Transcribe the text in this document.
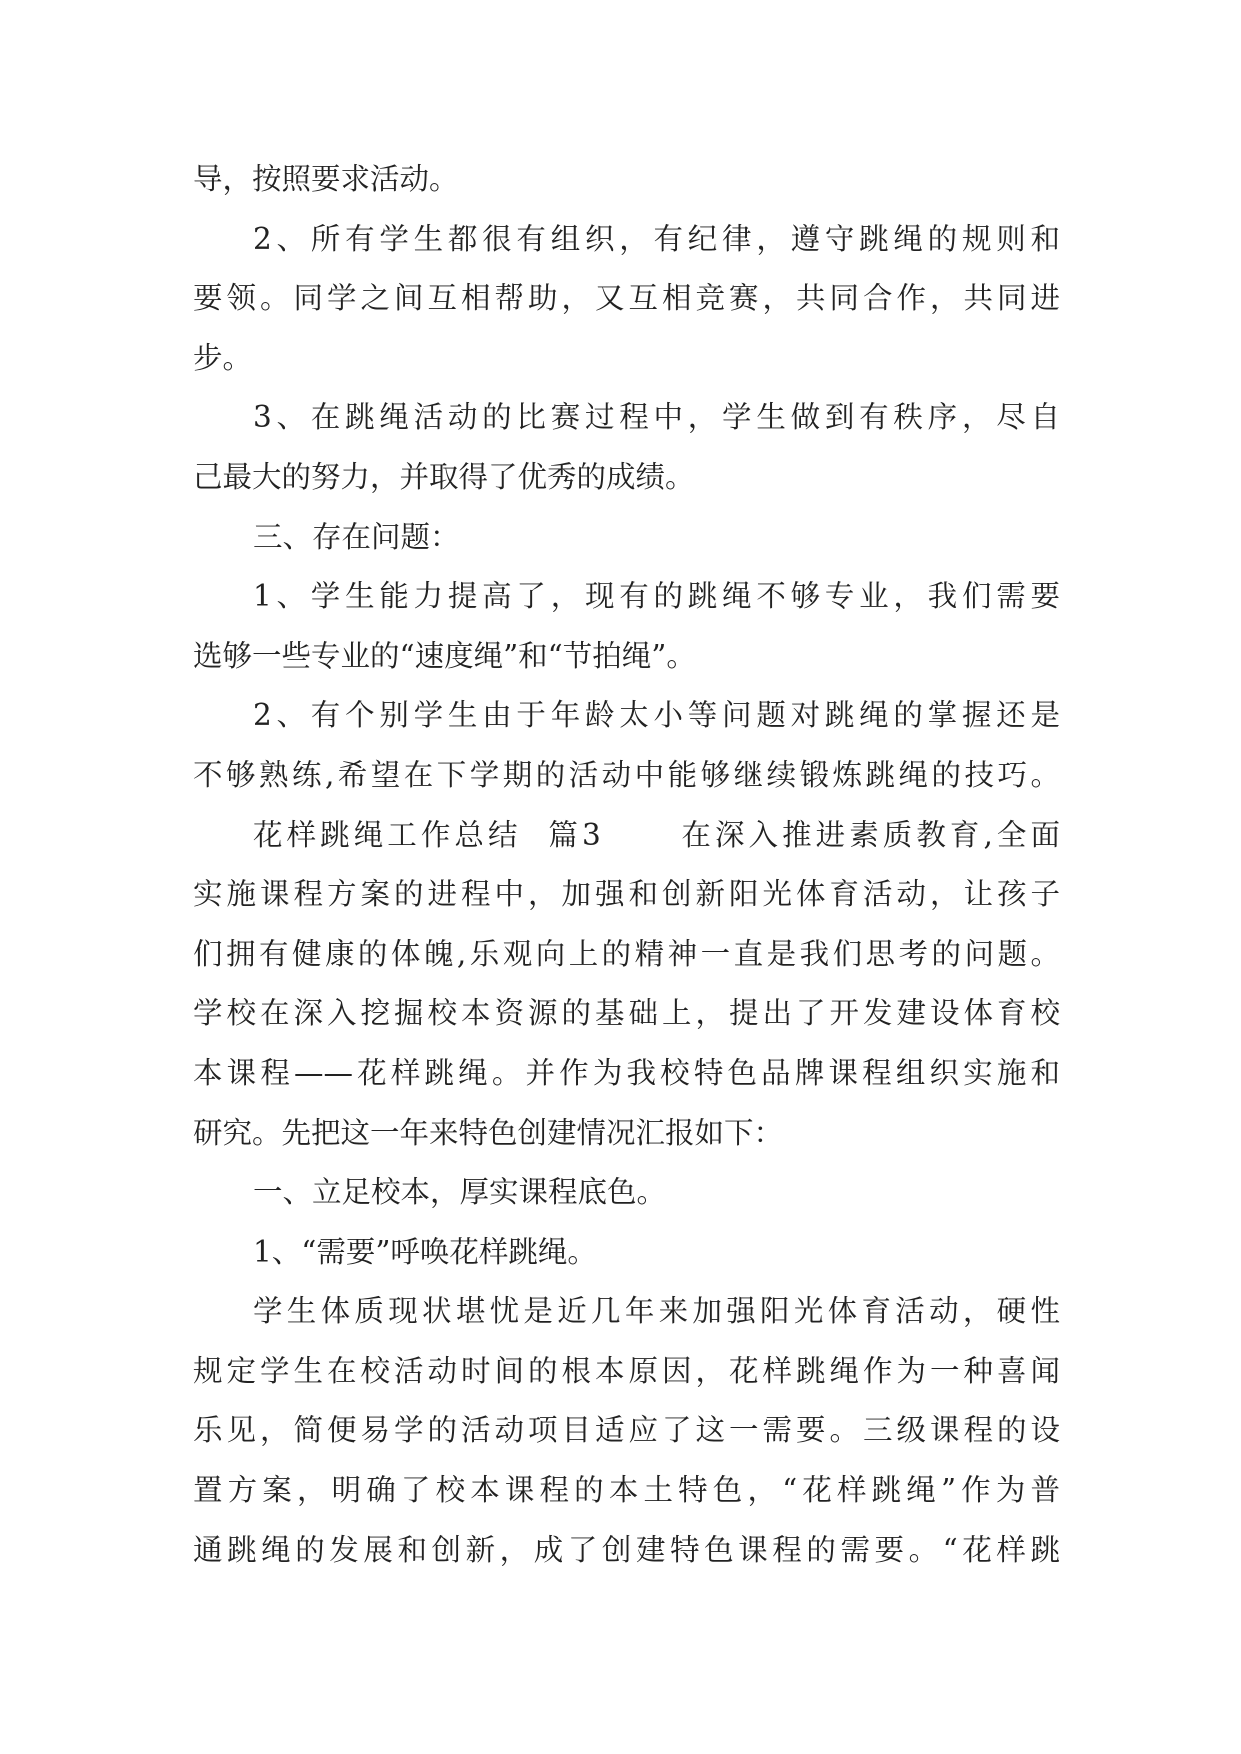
导，按照要求活动。
2、所有学生都很有组织，有纪律，遵守跳绳的规则和
要领。同学之间互相帮助，又互相竞赛，共同合作，共同进
步。
3、在跳绳活动的比赛过程中，学生做到有秩序，尽自
己最大的努力，并取得了优秀的成绩。
三、存在问题：
1、学生能力提高了，现有的跳绳不够专业，我们需要
选够一些专业的“速度绳”和“节拍绳”。
2、有个别学生由于年龄太小等问题对跳绳的掌握还是
不够熟练,希望在下学期的活动中能够继续锻炼跳绳的技巧。
花样跳绳工作总结  篇3      在深入推进素质教育,全面
实施课程方案的进程中，加强和创新阳光体育活动，让孩子
们拥有健康的体魄,乐观向上的精神一直是我们思考的问题。
学校在深入挖掘校本资源的基础上，提出了开发建设体育校
本课程——花样跳绳。并作为我校特色品牌课程组织实施和
研究。先把这一年来特色创建情况汇报如下：
一、立足校本，厚实课程底色。
1、“需要”呼唤花样跳绳。
学生体质现状堪忧是近几年来加强阳光体育活动，硬性
规定学生在校活动时间的根本原因，花样跳绳作为一种喜闻
乐见，简便易学的活动项目适应了这一需要。三级课程的设
置方案，明确了校本课程的本土特色，“花样跳绳”作为普
通跳绳的发展和创新，成了创建特色课程的需要。“花样跳
